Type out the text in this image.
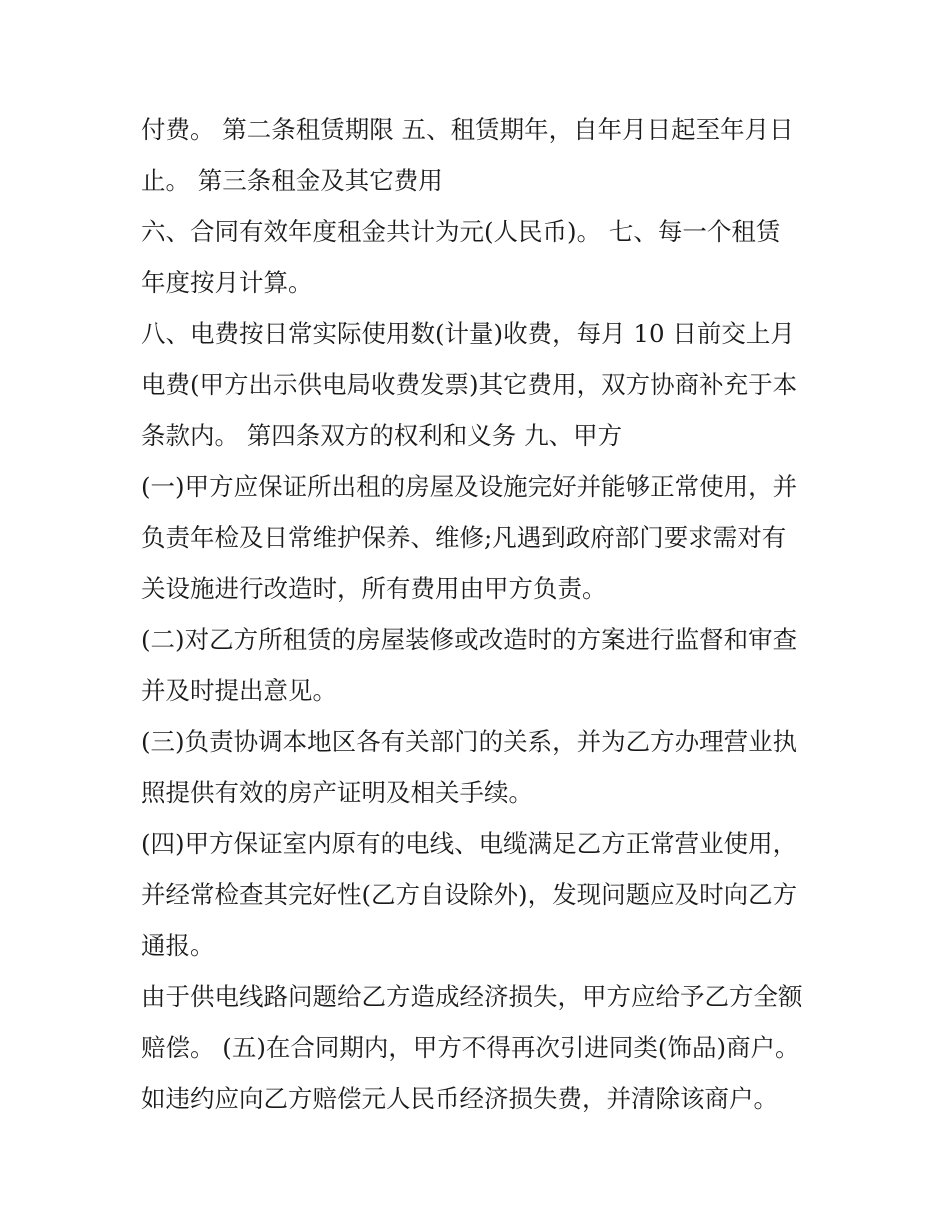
付费。 第二条租赁期限 五、租赁期年，自年月日起至年月日
止。 第三条租金及其它费用
六、合同有效年度租金共计为元(人民币)。 七、每一个租赁
年度按月计算。
八、电费按日常实际使用数(计量)收费，每月 10 日前交上月
电费(甲方出示供电局收费发票)其它费用，双方协商补充于本
条款内。 第四条双方的权利和义务 九、甲方
(一)甲方应保证所出租的房屋及设施完好并能够正常使用，并
负责年检及日常维护保养、维修;凡遇到政府部门要求需对有
关设施进行改造时，所有费用由甲方负责。
(二)对乙方所租赁的房屋装修或改造时的方案进行监督和审查
并及时提出意见。
(三)负责协调本地区各有关部门的关系，并为乙方办理营业执
照提供有效的房产证明及相关手续。
(四)甲方保证室内原有的电线、电缆满足乙方正常营业使用，
并经常检查其完好性(乙方自设除外)，发现问题应及时向乙方
通报。
由于供电线路问题给乙方造成经济损失，甲方应给予乙方全额
赔偿。 (五)在合同期内，甲方不得再次引进同类(饰品)商户。
如违约应向乙方赔偿元人民币经济损失费，并清除该商户。
